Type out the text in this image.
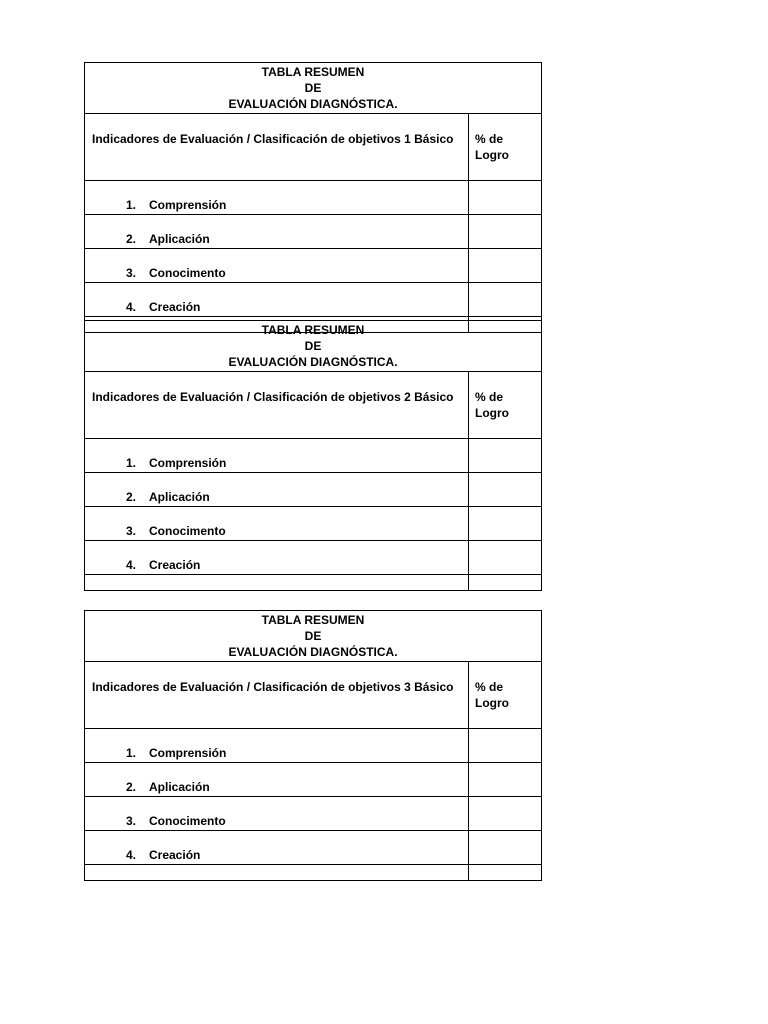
TABLA RESUMEN
DE
EVALUACIÓN DIAGNÓSTICA.	

Indicadores de Evaluación / Clasificación de objetivos 1 Básico	% de
Logro

1. Comprensión	
2. Aplicación	
3. Conocimento	
4. Creación	

TABLA RESUMEN
DE
EVALUACIÓN DIAGNÓSTICA.	

Indicadores de Evaluación / Clasificación de objetivos 2 Básico	% de
Logro

1. Comprensión	
2. Aplicación	
3. Conocimento	
4. Creación	

TABLA RESUMEN
DE
EVALUACIÓN DIAGNÓSTICA.	

Indicadores de Evaluación / Clasificación de objetivos 3 Básico	% de
Logro

1. Comprensión	
2. Aplicación	
3. Conocimento	
4. Creación	
